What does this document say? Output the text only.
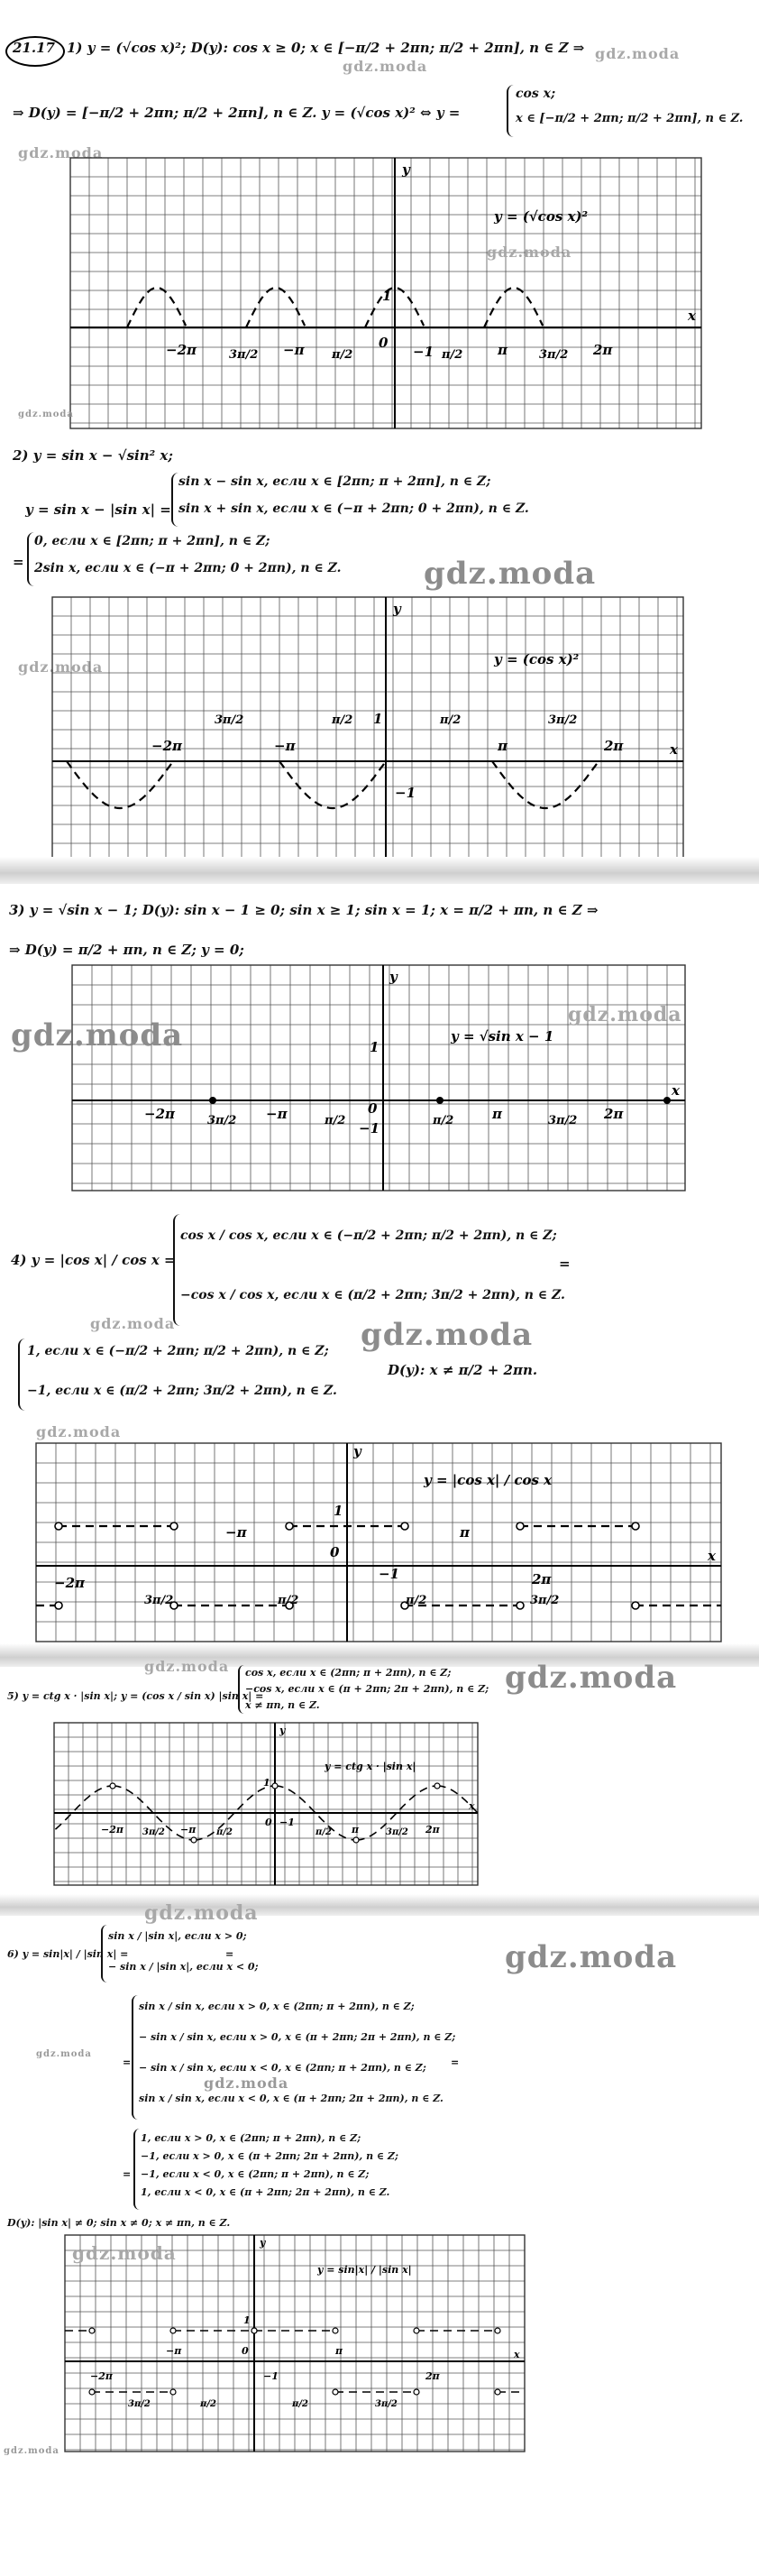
21.17 1) y = (√cos x)²; D(y): cos x ≥ 0; x ∈ [−π/2 + 2πn; π/2 + 2πn], n ∈ Z ⇒
gdz.moda
gdz.moda
⇒ D(y) = [−π/2 + 2πn; π/2 + 2πn], n ∈ Z. y = (√cos x)² ⇔ y =
cos x;
x ∈ [−π/2 + 2πn; π/2 + 2πn], n ∈ Z.
gdz.moda
y = (√cos x)²
y
x
1
−2π	3π/2 −π π/2
0
−1 π/2	π	3π/2 2π
gdz.moda
gdz.moda
2) y = sin x − √sin² x;
y = sin x − |sin x| =
sin x − sin x, если x ∈ [2πn; π + 2πn], n ∈ Z;
sin x + sin x, если x ∈ (−π + 2πn; 0 + 2πn), n ∈ Z.
=
0, если x ∈ [2πn; π + 2πn], n ∈ Z;
2sin x, если x ∈ (−π + 2πn; 0 + 2πn), n ∈ Z.	gdz.moda
gdz.moda	y = (cos x)²
y
x
−2π
3π/2
−π
π/2 1	π/2
π
3π/2
2π
−1
3) y = √sin x − 1; D(y): sin x − 1 ≥ 0; sin x ≥ 1; sin x = 1; x = π/2 + πn, n ∈ Z ⇒
⇒ D(y) = π/2 + πn, n ∈ Z; y = 0;
y = √sin x − 1
y
x
1
−2π	3π/2 −π	π/2
0
−1	π/2	π	3π/2 2π
gdz.moda
gdz.moda
4) y = |cos x| / cos x =
cos x / cos x, если x ∈ (−π/2 + 2πn; π/2 + 2πn), n ∈ Z;
−cos x / cos x, если x ∈ (π/2 + 2πn; 3π/2 + 2πn), n ∈ Z.
=
gdz.moda	gdz.moda
1, если x ∈ (−π/2 + 2πn; π/2 + 2πn), n ∈ Z;
D(y): x ≠ π/2 + 2πn.
−1, если x ∈ (π/2 + 2πn; 3π/2 + 2πn), n ∈ Z.
gdz.moda
y = |cos x| / cos x
y
x
1
−2π
3π/2
−π
π/2
0
−1
π/2
π
3π/2
2π
gdz.moda	gdz.moda
5) y = ctg x · |sin x|; y = (cos x / sin x) |sin x| =
cos x, если x ∈ (2πn; π + 2πn), n ∈ Z;
−cos x, если x ∈ (π + 2πn; 2π + 2πn), n ∈ Z;
x ≠ πn, n ∈ Z.
y = ctg x · |sin x|
y
x
1
−2π 3π/2 −π π/2
0 −1
π/2 π	3π/2 2π
gdz.moda
gdz.moda
6) y = sin|x| / |sin x| =
sin x / |sin x|, если x > 0;
− sin x / |sin x|, если x < 0;
=
gdz.moda
gdz.moda
=
sin x / sin x, если x > 0, x ∈ (2πn; π + 2πn), n ∈ Z;
− sin x / sin x, если x > 0, x ∈ (π + 2πn; 2π + 2πn), n ∈ Z;
− sin x / sin x, если x < 0, x ∈ (2πn; π + 2πn), n ∈ Z;
sin x / sin x, если x < 0, x ∈ (π + 2πn; 2π + 2πn), n ∈ Z.
=
=
1, если x > 0, x ∈ (2πn; π + 2πn), n ∈ Z;
−1, если x > 0, x ∈ (π + 2πn; 2π + 2πn), n ∈ Z;
−1, если x < 0, x ∈ (2πn; π + 2πn), n ∈ Z;
1, если x < 0, x ∈ (π + 2πn; 2π + 2πn), n ∈ Z.
D(y): |sin x| ≠ 0; sin x ≠ 0; x ≠ πn, n ∈ Z.
y = sin|x| / |sin x|
y
x
1
−2π
3π/2
−π
π/2
0
−1
π/2
π
3π/2
2π
gdz.moda
gdz.moda
